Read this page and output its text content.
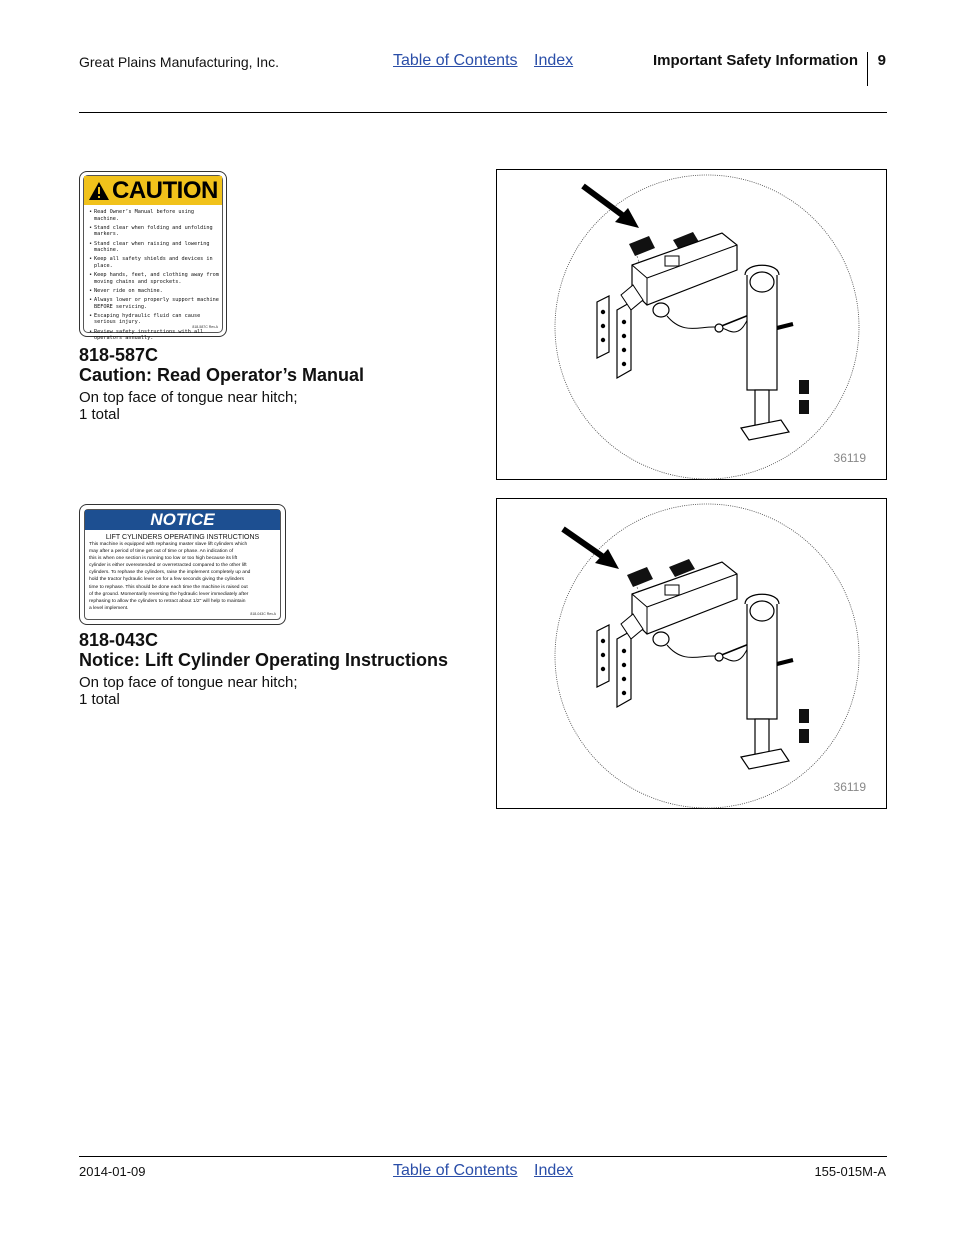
Great Plains Manufacturing, Inc.	Table of Contents Index	Important Safety Information 9
CAUTION
• Read Owner’s Manual before using machine.
• Stand clear when folding and unfolding markers.
• Stand clear when raising and lowering machine.
• Keep all safety shields and devices in place.
• Keep hands, feet, and clothing away from moving chains and sprockets.
• Never ride on machine.
• Always lower or properly support machine BEFORE servicing.
• Escaping hydraulic fluid can cause serious injury.
• Review safety instructions with all operators annually.
818-587C Rev.A
818-587C
Caution: Read Operator’s Manual
On top face of tongue near hitch;
1 total
36119
NOTICE
LIFT CYLINDERS OPERATING INSTRUCTIONS
This machine is equipped with rephasing master slave lift cylinders which
may after a period of time get out of time or phase. An indication of
this is when one section is running too low or too high because its lift
cylinder is either overextended or overretracted compared to the other lift
cylinders. To rephase the cylinders, raise the implement completely up and
hold the tractor hydraulic lever on for a few seconds giving the cylinders
time to rephase. This should be done each time the machine is raised out
of the ground. Momentarily reversing the hydraulic lever immediately after
rephasing to allow the cylinders to retract about 1/2" will help to maintain
a level implement.
818-043C Rev.A
818-043C
Notice: Lift Cylinder Operating Instructions
On top face of tongue near hitch;
1 total
36119
2014-01-09	Table of Contents Index	155-015M-A
